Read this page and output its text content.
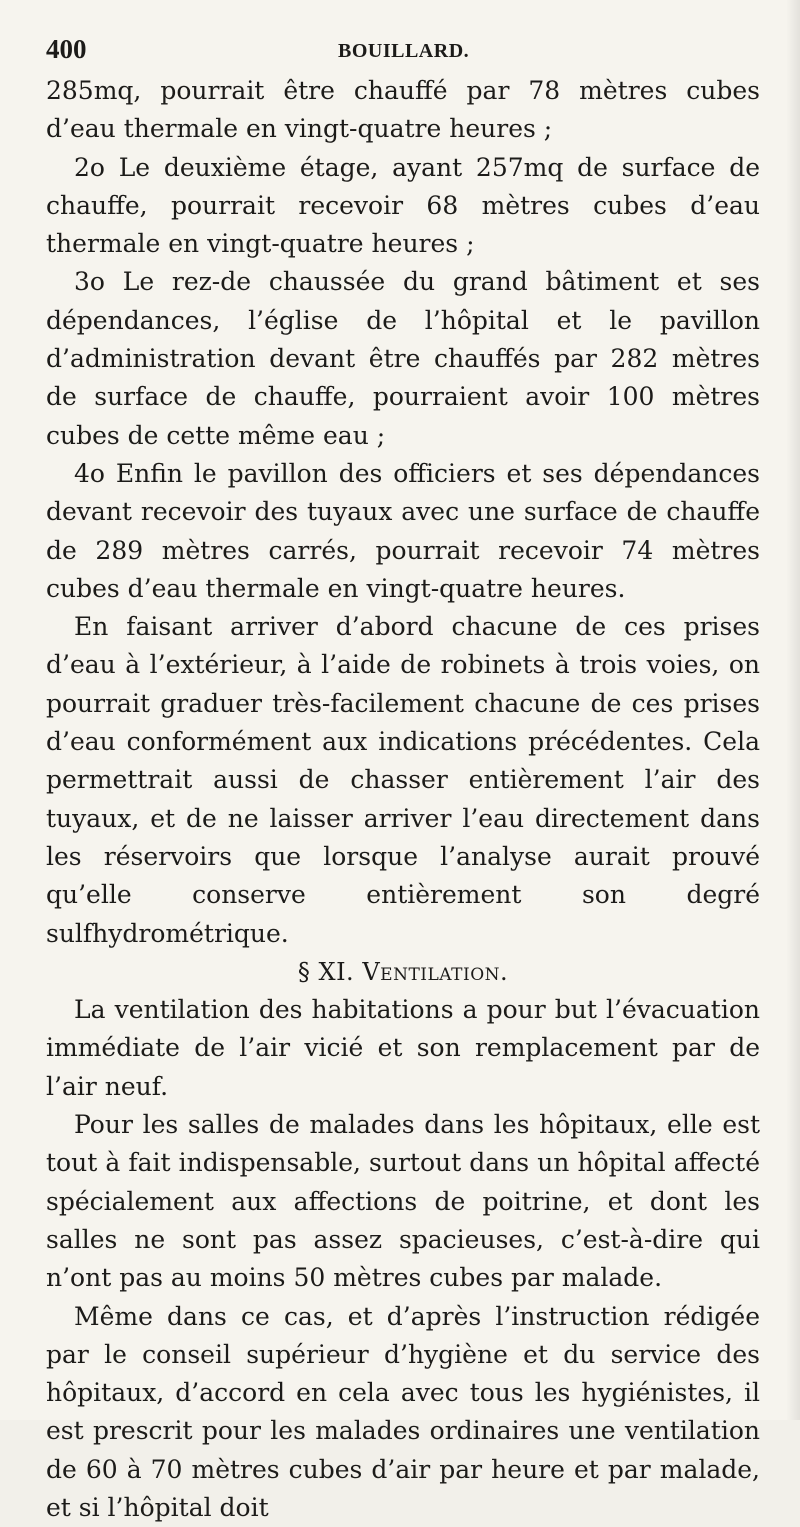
400	BOUILLARD.

285mq, pourrait être chauffé par 78 mètres cubes d’eau thermale en vingt-quatre heures ;

2o Le deuxième étage, ayant 257mq de surface de chauffe, pourrait recevoir 68 mètres cubes d’eau thermale en vingt-quatre heures ;

3o Le rez-de chaussée du grand bâtiment et ses dépendances, l’église de l’hôpital et le pavillon d’administration devant être chauffés par 282 mètres de surface de chauffe, pourraient avoir 100 mètres cubes de cette même eau ;

4o Enfin le pavillon des officiers et ses dépendances devant recevoir des tuyaux avec une surface de chauffe de 289 mètres carrés, pourrait recevoir 74 mètres cubes d’eau thermale en vingt-quatre heures.

En faisant arriver d’abord chacune de ces prises d’eau à l’extérieur, à l’aide de robinets à trois voies, on pourrait graduer très-facilement chacune de ces prises d’eau conformément aux indications précédentes. Cela permettrait aussi de chasser entièrement l’air des tuyaux, et de ne laisser arriver l’eau directement dans les réservoirs que lorsque l’analyse aurait prouvé qu’elle conserve entièrement son degré sulfhydrométrique.

§ XI. Ventilation.

La ventilation des habitations a pour but l’évacuation immédiate de l’air vicié et son remplacement par de l’air neuf.

Pour les salles de malades dans les hôpitaux, elle est tout à fait indispensable, surtout dans un hôpital affecté spécialement aux affections de poitrine, et dont les salles ne sont pas assez spacieuses, c’est-à-dire qui n’ont pas au moins 50 mètres cubes par malade.

Même dans ce cas, et d’après l’instruction rédigée par le conseil supérieur d’hygiène et du service des hôpitaux, d’accord en cela avec tous les hygiénistes, il est prescrit pour les malades ordinaires une ventilation de 60 à 70 mètres cubes d’air par heure et par malade, et si l’hôpital doit
